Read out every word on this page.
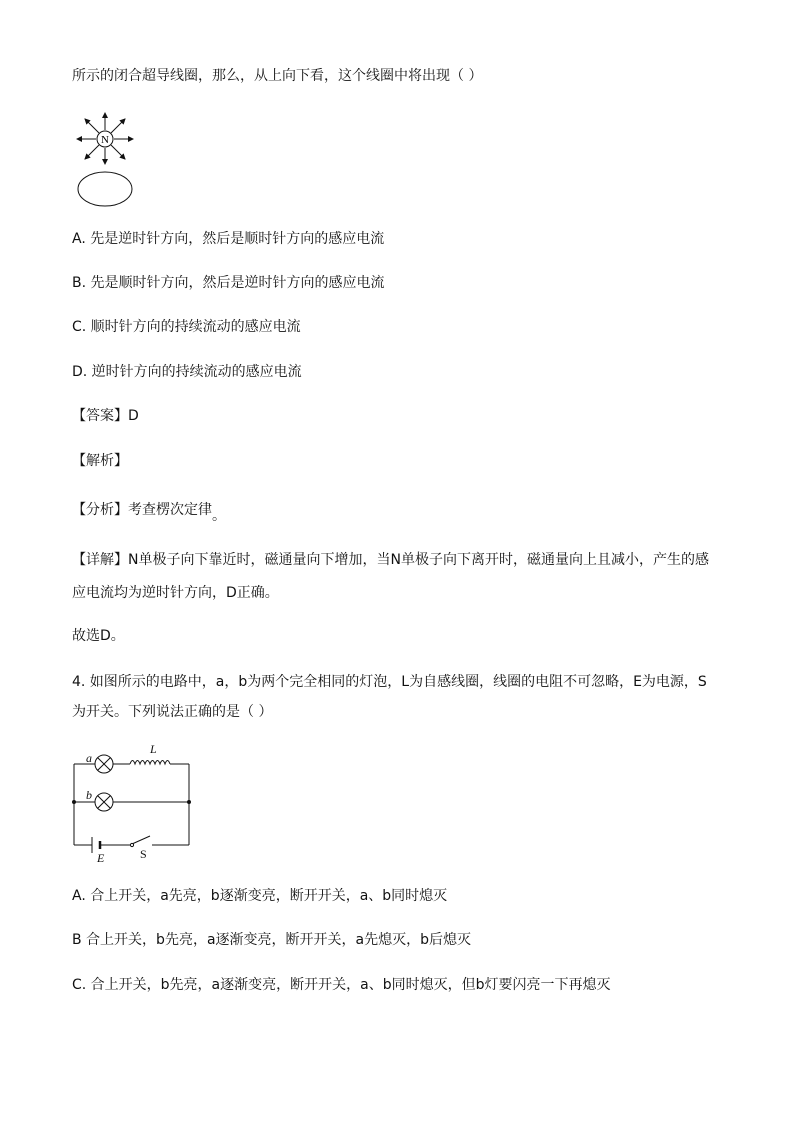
所示的闭合超导线圈，那么，从上向下看，这个线圈中将出现（ ）
N
A. 先是逆时针方向，然后是顺时针方向的感应电流
B. 先是顺时针方向，然后是逆时针方向的感应电流
C. 顺时针方向的持续流动的感应电流
D. 逆时针方向的持续流动的感应电流
【答案】D
【解析】
【分析】考查楞次定律。
【详解】N单极子向下靠近时，磁通量向下增加，当N单极子向下离开时，磁通量向上且减小，产生的感
应电流均为逆时针方向，D正确。
故选D。
4. 如图所示的电路中，a，b为两个完全相同的灯泡，L为自感线圈，线圈的电阻不可忽略，E为电源，S
为开关。下列说法正确的是（ ）
a
b
L
E	S
A. 合上开关，a先亮，b逐渐变亮，断开开关，a、b同时熄灭
B 合上开关，b先亮，a逐渐变亮，断开开关，a先熄灭，b后熄灭
C. 合上开关，b先亮，a逐渐变亮，断开开关，a、b同时熄灭，但b灯要闪亮一下再熄灭
